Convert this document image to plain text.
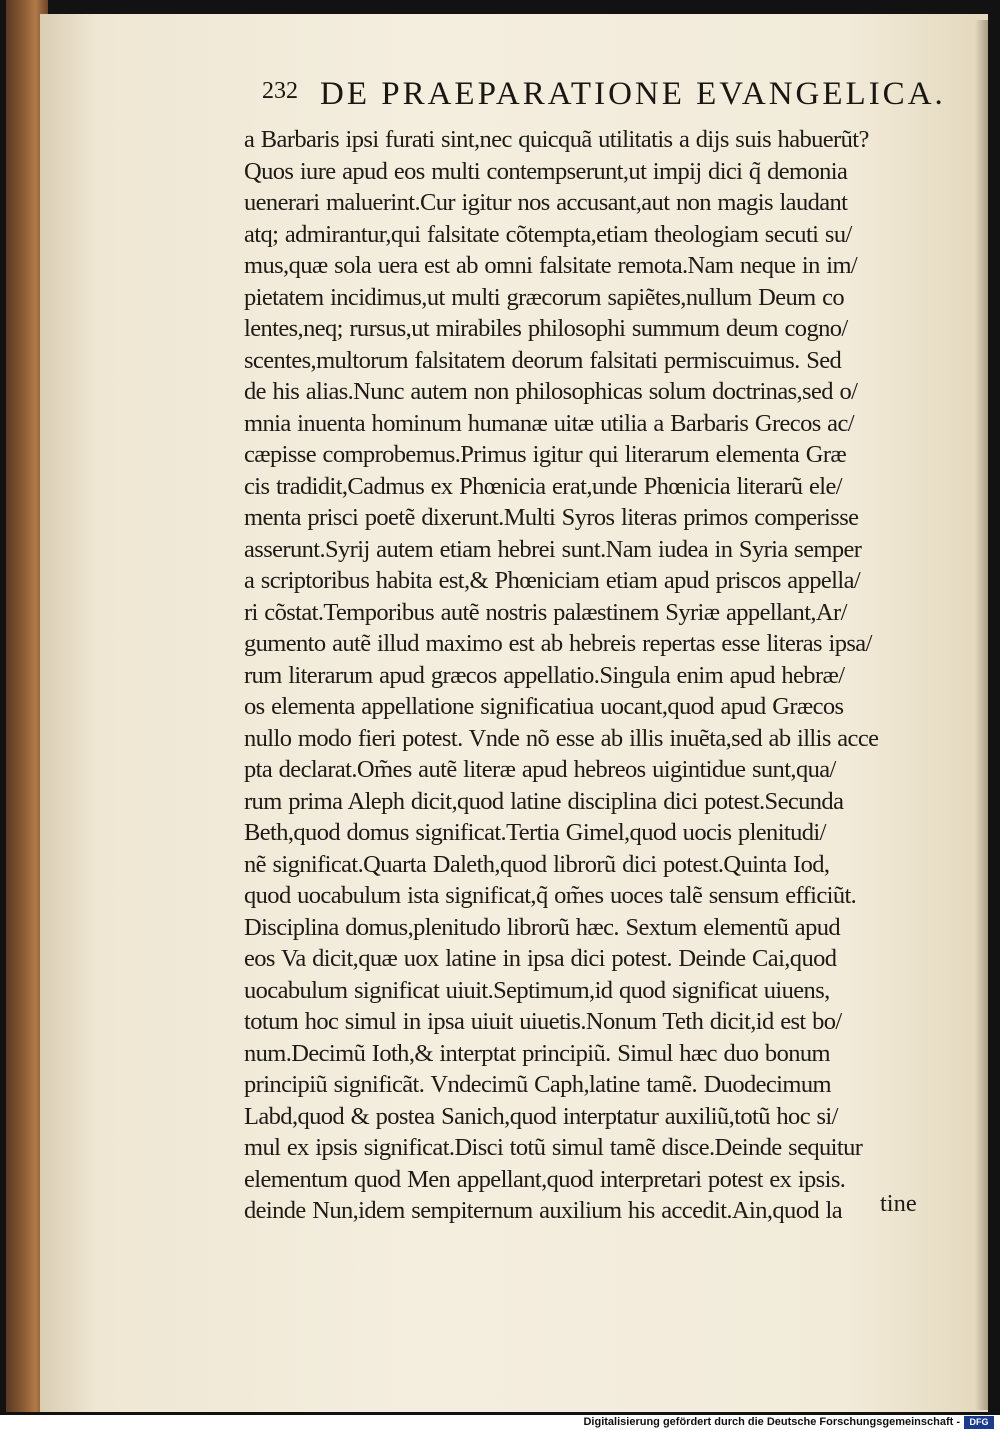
232 DE PRAEPARATIONE EVANGELICA.
a Barbaris ipsi furati sint,nec quicquã utilitatis a dijs suis habuerũt?
Quos iure apud eos multi contempserunt,ut impij dici q̃ demonia
uenerari maluerint.Cur igitur nos accusant,aut non magis laudant
atq; admirantur,qui falsitate cõtempta,etiam theologiam secuti su/
mus,quæ sola uera est ab omni falsitate remota.Nam neque in im/
pietatem incidimus,ut multi græcorum sapiẽtes,nullum Deum co
lentes,neq; rursus,ut mirabiles philosophi summum deum cogno/
scentes,multorum falsitatem deorum falsitati permiscuimus. Sed
de his alias.Nunc autem non philosophicas solum doctrinas,sed o/
mnia inuenta hominum humanæ uitæ utilia a Barbaris Grecos ac/
cæpisse comprobemus.Primus igitur qui literarum elementa Græ
cis tradidit,Cadmus ex Phœnicia erat,unde Phœnicia literarũ ele/
menta prisci poetẽ dixerunt.Multi Syros literas primos comperisse
asserunt.Syrij autem etiam hebrei sunt.Nam iudea in Syria semper
a scriptoribus habita est,& Phœniciam etiam apud priscos appella/
ri cõstat.Temporibus autẽ nostris palæstinem Syriæ appellant,Ar/
gumento autẽ illud maximo est ab hebreis repertas esse literas ipsa/
rum literarum apud græcos appellatio.Singula enim apud hebræ/
os elementa appellatione significatiua uocant,quod apud Græcos
nullo modo fieri potest. Vnde nõ esse ab illis inuẽta,sed ab illis acce
pta declarat.Om̃es autẽ literæ apud hebreos uigintidue sunt,qua/
rum prima Aleph dicit,quod latine disciplina dici potest.Secunda
Beth,quod domus significat.Tertia Gimel,quod uocis plenitudi/
nẽ significat.Quarta Daleth,quod librorũ dici potest.Quinta Iod,
quod uocabulum ista significat,q̃ om̃es uoces talẽ sensum efficiũt.
Disciplina domus,plenitudo librorũ hæc. Sextum elementũ apud
eos Va dicit,quæ uox latine in ipsa dici potest. Deinde Cai,quod
uocabulum significat uiuit.Septimum,id quod significat uiuens,
totum hoc simul in ipsa uiuit uiuetis.Nonum Teth dicit,id est bo/
num.Decimũ Ioth,& interptat principiũ. Simul hæc duo bonum
principiũ significãt. Vndecimũ Caph,latine tamẽ. Duodecimum
Labd,quod & postea Sanich,quod interptatur auxiliũ,totũ hoc si/
mul ex ipsis significat.Disci totũ simul tamẽ disce.Deinde sequitur
elementum quod Men appellant,quod interpretari potest ex ipsis.
deinde Nun,idem sempiternum auxilium his accedit.Ain,quod la	tine
Digitalisierung gefördert durch die Deutsche Forschungsgemeinschaft -	DFG
